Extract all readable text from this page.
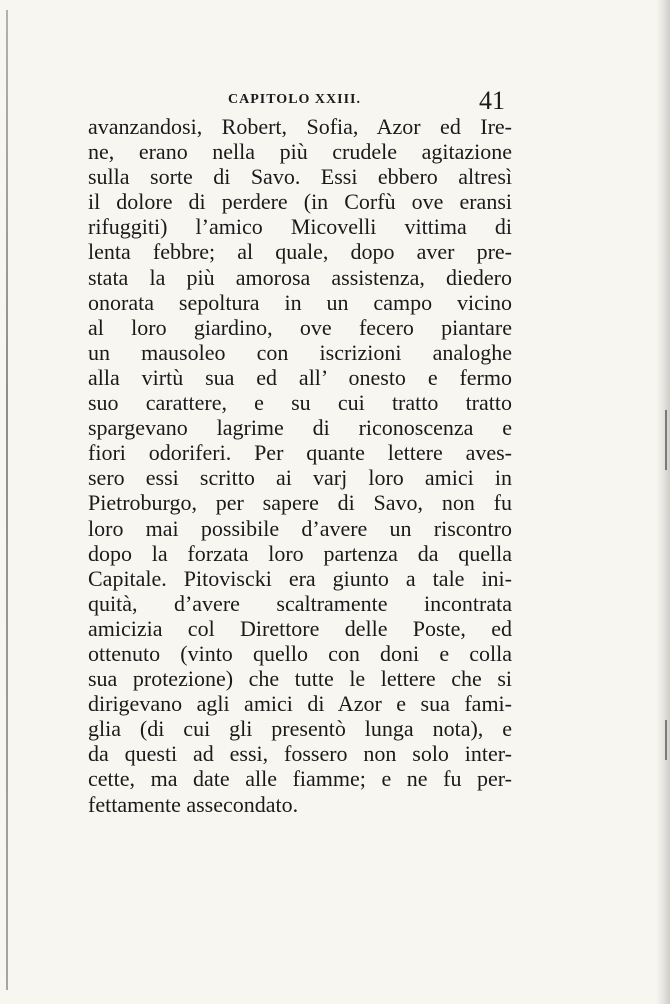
CAPITOLO XXIII.	41
avanzandosi, Robert, Sofia, Azor ed Ire-
ne, erano nella più crudele agitazione
sulla sorte di Savo. Essi ebbero altresì
il dolore di perdere (in Corfù ove eransi
rifuggiti) l’amico Micovelli vittima di
lenta febbre; al quale, dopo aver pre-
stata la più amorosa assistenza, diedero
onorata sepoltura in un campo vicino
al loro giardino, ove fecero piantare
un mausoleo con iscrizioni analoghe
alla virtù sua ed all’ onesto e fermo
suo carattere, e su cui tratto tratto
spargevano lagrime di riconoscenza e
fiori odoriferi. Per quante lettere aves-
sero essi scritto ai varj loro amici in
Pietroburgo, per sapere di Savo, non fu
loro mai possibile d’avere un riscontro
dopo la forzata loro partenza da quella
Capitale. Pitoviscki era giunto a tale ini-
quità, d’avere scaltramente incontrata
amicizia col Direttore delle Poste, ed
ottenuto (vinto quello con doni e colla
sua protezione) che tutte le lettere che si
dirigevano agli amici di Azor e sua fami-
glia (di cui gli presentò lunga nota), e
da questi ad essi, fossero non solo inter-
cette, ma date alle fiamme; e ne fu per-
fettamente assecondato.
